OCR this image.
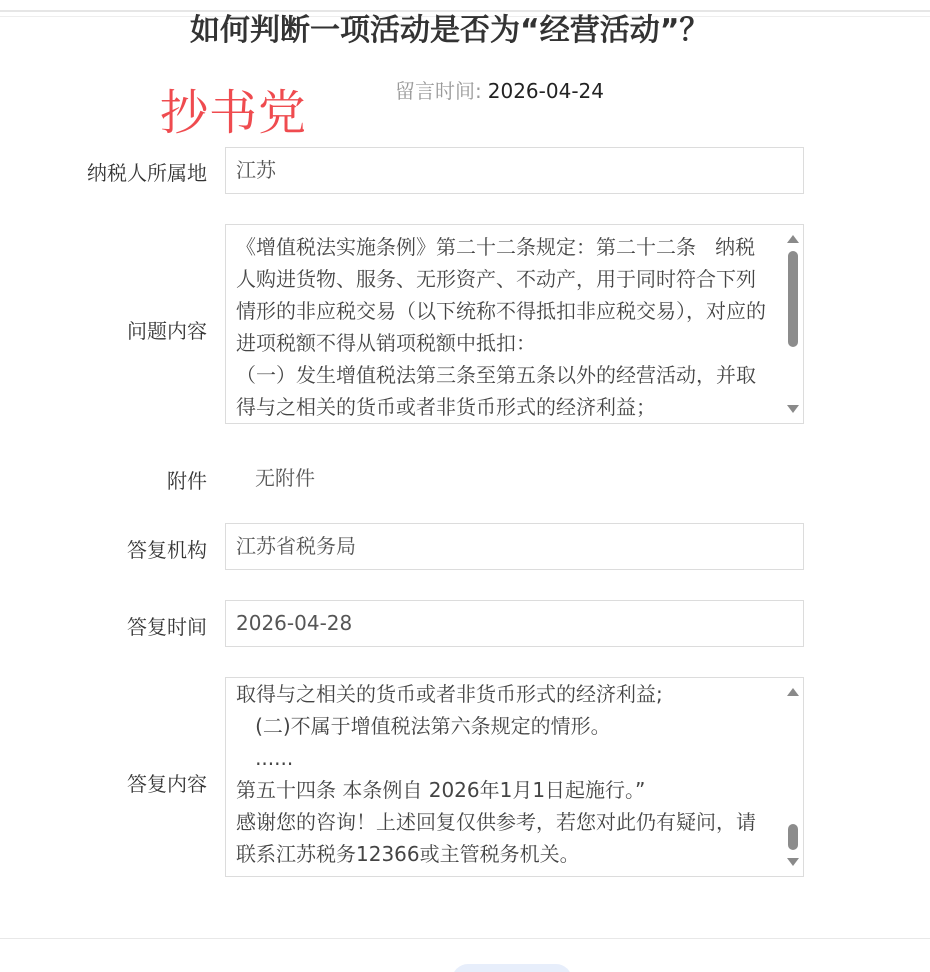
如何判断一项活动是否为“经营活动”？
留言时间: 2026-04-24
抄书党
纳税人所属地	江苏
问题内容

《增值税法实施条例》第二十二条规定：第二十二条   纳税人购进货物、服务、无形资产、不动产，用于同时符合下列情形的非应税交易（以下统称不得抵扣非应税交易），对应的进项税额不得从销项税额中抵扣：

（一）发生增值税法第三条至第五条以外的经营活动，并取得与之相关的货币或者非货币形式的经济利益；

附件 无附件
答复机构	江苏省税务局
答复时间	2026-04-28
答复内容

取得与之相关的货币或者非货币形式的经济利益;

(二)不属于增值税法第六条规定的情形。

......

第五十四条 本条例自 2026年1月1日起施行。”

感谢您的咨询！上述回复仅供参考，若您对此仍有疑问，请联系江苏税务12366或主管税务机关。
